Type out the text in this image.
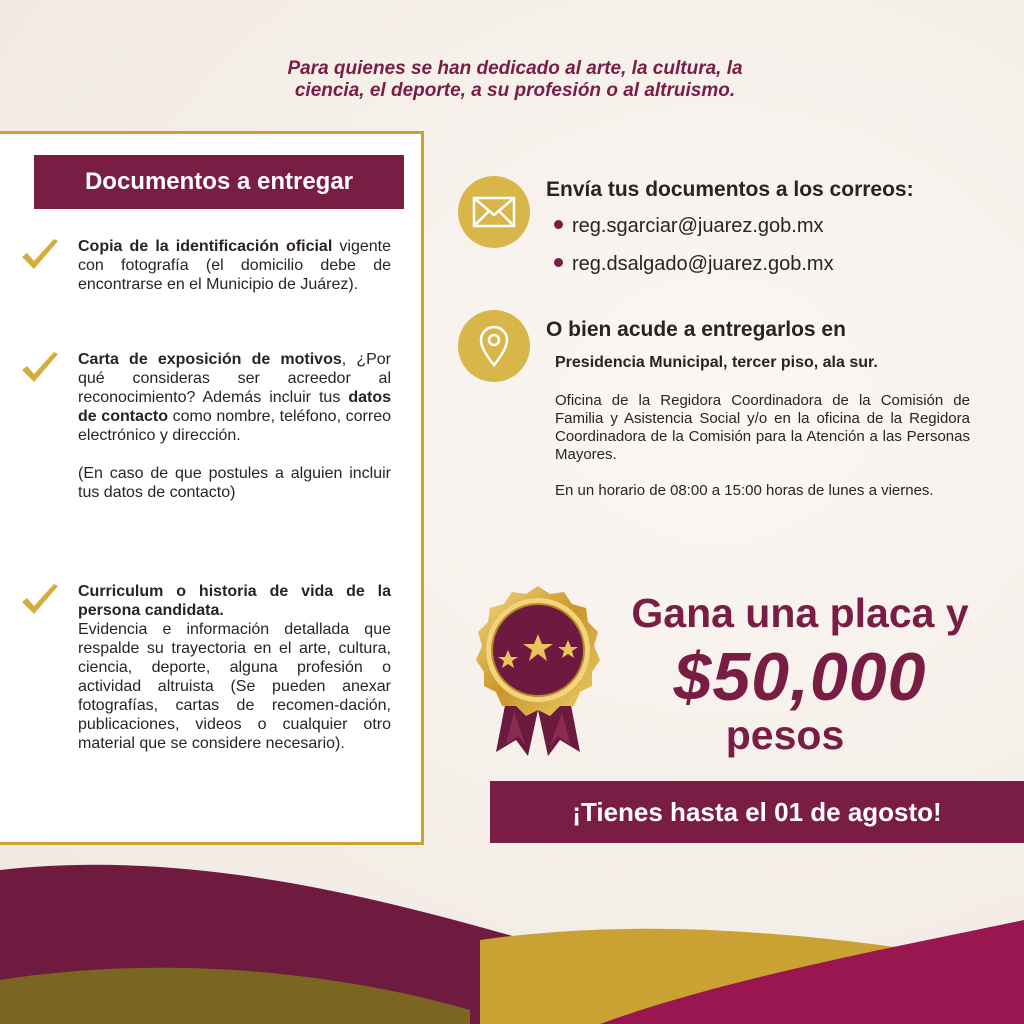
Para quienes se han dedicado al arte, la cultura, la
ciencia, el deporte, a su profesión o al altruismo.
Documentos a entregar
Copia de la identificación oficial vigente con fotografía (el domicilio debe de encontrarse en el Municipio de Juárez).
Carta de exposición de motivos, ¿Por qué consideras ser acreedor al reconocimiento? Además incluir tus datos de contacto como nombre, teléfono, correo electrónico y dirección.
(En caso de que postules a alguien incluir tus datos de contacto)
Curriculum o historia de vida de la persona candidata.
Evidencia e información detallada que respalde su trayectoria en el arte, cultura, ciencia, deporte, alguna profesión o actividad altruista (Se pueden anexar fotografías, cartas de recomen-dación, publicaciones, videos o cualquier otro material que se considere necesario).
Envía tus documentos a los correos:
reg.sgarciar@juarez.gob.mx
reg.dsalgado@juarez.gob.mx
O bien acude a entregarlos en
Presidencia Municipal, tercer piso, ala sur.
Oficina de la Regidora Coordinadora de la Comisión de Familia y Asistencia Social y/o en la oficina de la Regidora Coordinadora de la Comisión para la Atención a las Personas Mayores.
En un horario de 08:00 a 15:00 horas de lunes a viernes.
Gana una placa y
$50,000
pesos
¡Tienes hasta el 01 de agosto!
